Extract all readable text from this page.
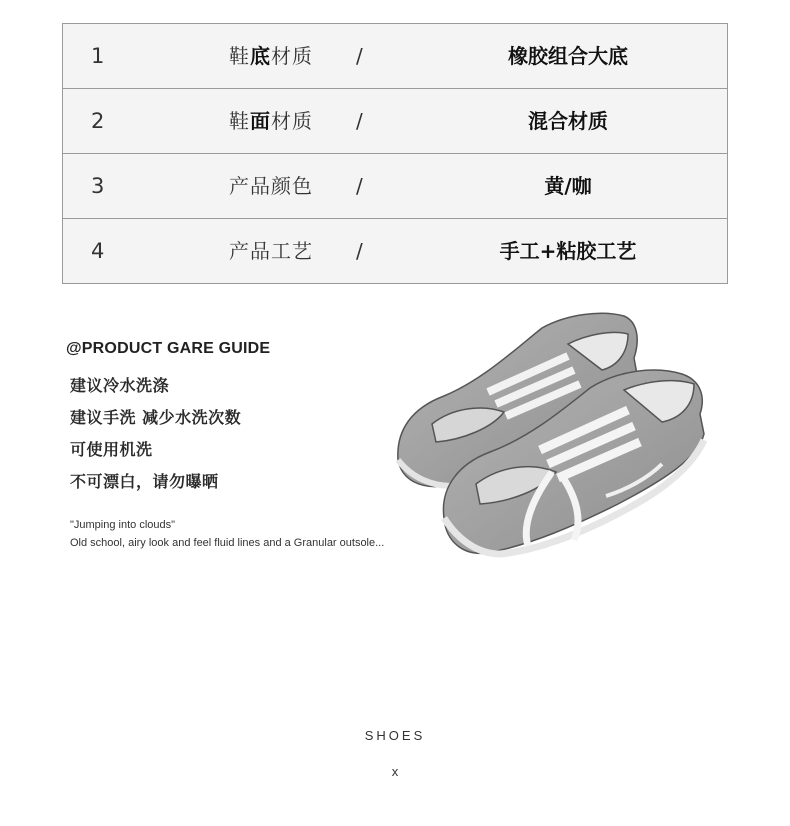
1	鞋底材质 /	橡胶组合大底
2	鞋面材质 /	混合材质
3	产品颜色 /	黄/咖
4	产品工艺 /	手工+粘胶工艺
@PRODUCT GARE GUIDE
建议冷水洗涤
建议手洗 减少水洗次数
可使用机洗
不可漂白，请勿曝晒
"Jumping into clouds"
Old school, airy look and feel fluid lines and a Granular outsole...
SHOES
x
